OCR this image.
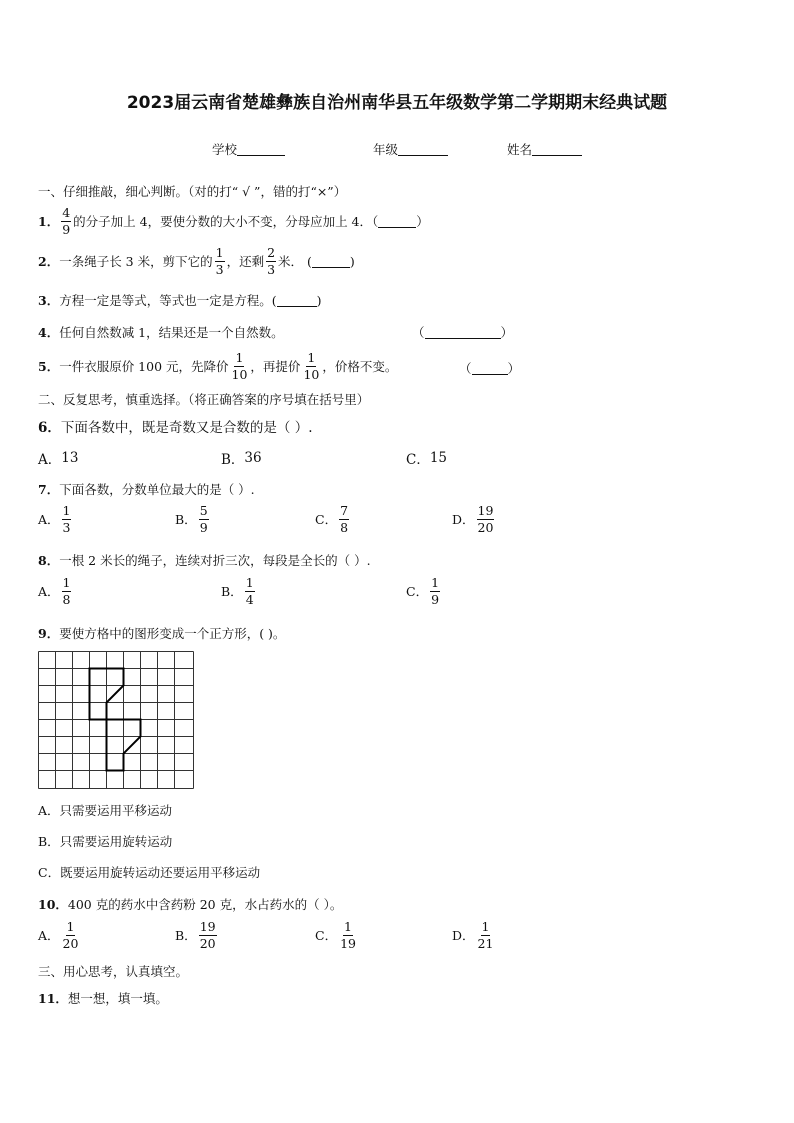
2023届云南省楚雄彝族自治州南华县五年级数学第二学期期末经典试题
学校	年级	姓名
一、仔细推敲，细心判断。（对的打“ √ ”，错的打“×”）
1． $\frac{4}{9}$ 的分子加上 4，要使分数的大小不变，分母应加上 4．（	）
2． 一条绳子长 3 米，剪下它的 $\frac{1}{3}$ ，还剩 $\frac{2}{3}$ 米． (	)
3． 方程一定是等式，等式也一定是方程。(	)
4． 任何自然数减 1，结果还是一个自然数。	（	）
5． 一件衣服原价 100 元，先降价 $\frac{1}{10}$ ，再提价 $\frac{1}{10}$ ，价格不变。	（	）
二、反复思考，慎重选择。（将正确答案的序号填在括号里）
6． 下面各数中，既是奇数又是合数的是（ ）.
A． 13	B． 36	C． 15
7． 下面各数，分数单位最大的是（ ）.
A． $\frac{1}{3}$	B． $\frac{5}{9}$	C． $\frac{7}{8}$	D． $\frac{19}{20}$
8． 一根 2 米长的绳子，连续对折三次，每段是全长的（ ）.
A． $\frac{1}{8}$	B． $\frac{1}{4}$	C． $\frac{1}{9}$
9． 要使方格中的图形变成一个正方形，( )。
A． 只需要运用平移运动
B． 只需要运用旋转运动
C． 既要运用旋转运动还要运用平移运动
10． 400 克的药水中含药粉 20 克，水占药水的（ ）。
A． $\frac{1}{20}$	B． $\frac{19}{20}$	C． $\frac{1}{19}$	D． $\frac{1}{21}$
三、用心思考，认真填空。
11． 想一想，填一填。
